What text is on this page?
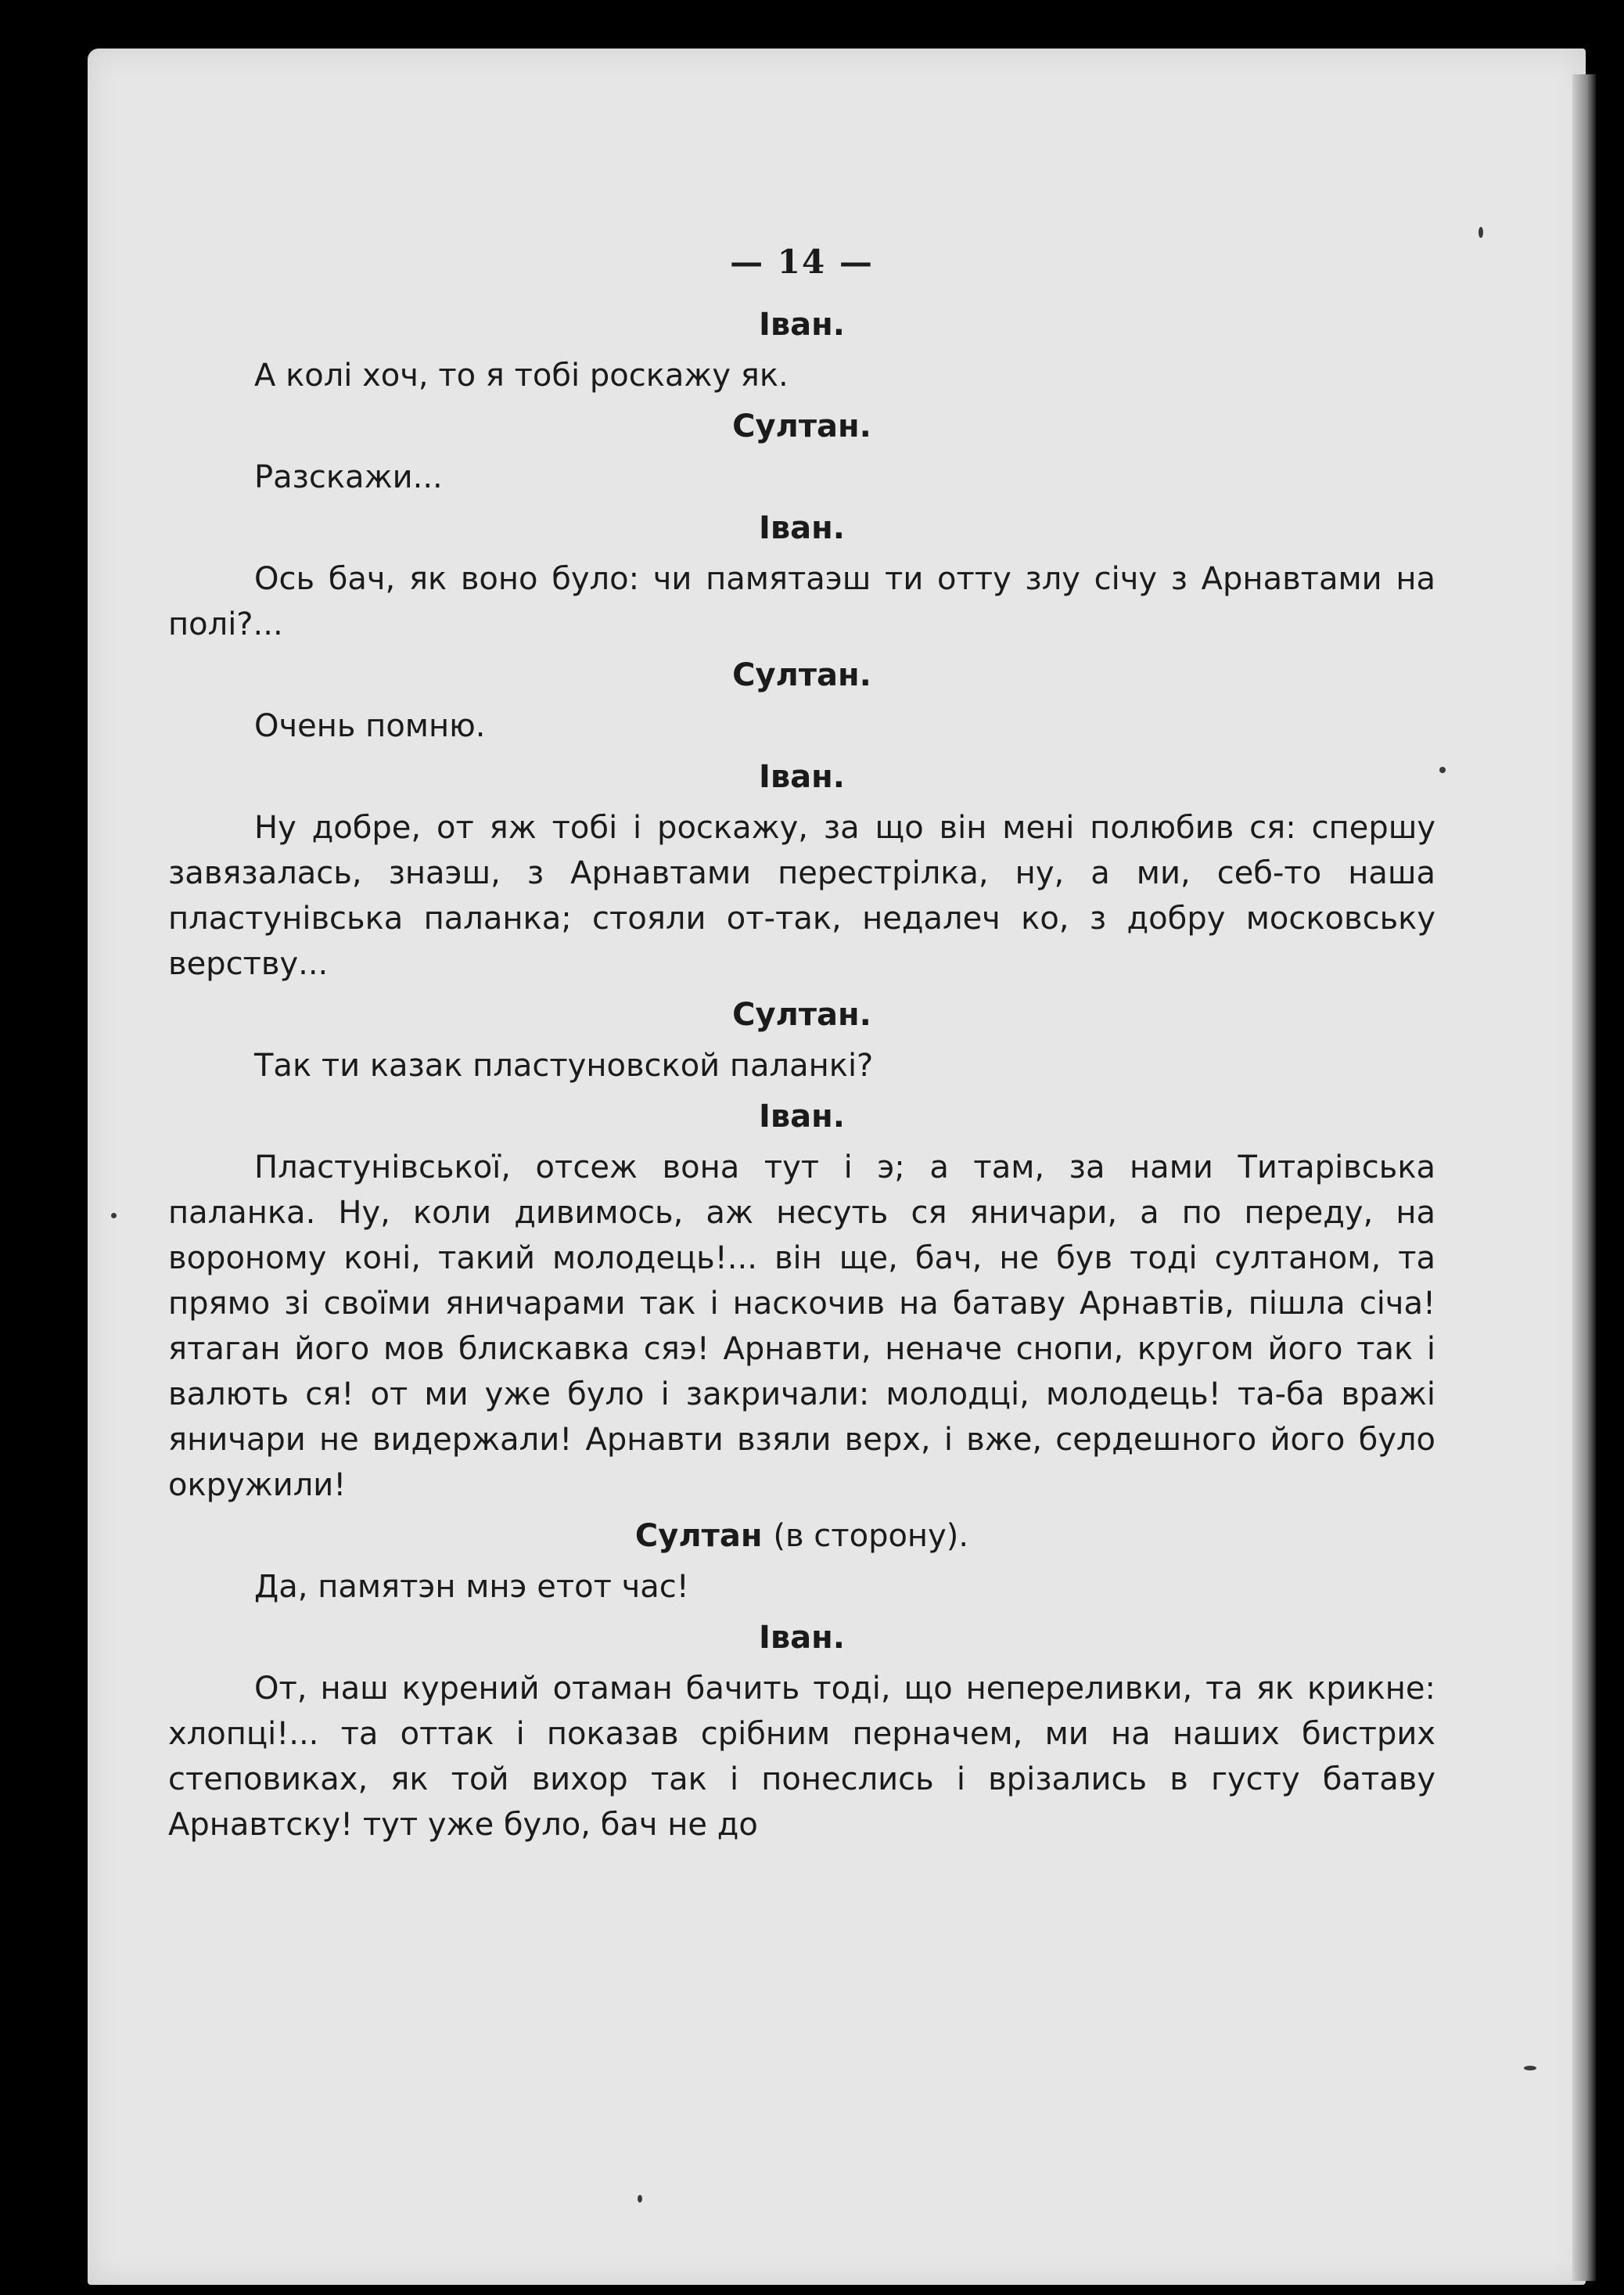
— 14 —

Іван.

А колі хоч, то я тобі роскажу як.

Султан.

Разскажи...

Іван.

Ось бач, як воно було: чи памятаэш ти отту злу січу з Арнавтами на полі?...

Султан.

Очень помню.

Іван.

Ну добре, от яж тобі і роскажу, за що він мені полюбив ся: спершу завязалась, знаэш, з Арнавтами перестрілка, ну, а ми, себ-то наша пластунівська паланка; стояли от-так, недалеч ко, з добру московську верству...

Султан.

Так ти казак пластуновской паланкі?

Іван.

Пластунівської, отсеж вона тут і э; а там, за нами Титарівська паланка. Ну, коли дивимось, аж несуть ся яничари, а по переду, на вороному коні, такий молодець!... він ще, бач, не був тоді султаном, та прямо зі своїми яничарами так і наскочив на батаву Арнавтів, пішла січа! ятаган його мов блискавка сяэ! Арнавти, неначе снопи, кругом його так і валють ся! от ми уже було і закричали: молодці, молодець! та-ба вражі яничари не видержали! Арнавти взяли верх, і вже, сердешного його було окружили!

Султан (в сторону).

Да, памятэн мнэ етот час!

Іван.

От, наш курений отаман бачить тоді, що непереливки, та як крикне: хлопці!... та оттак і показав срібним перначем, ми на наших бистрих степовиках, як той вихор так і понеслись і врізались в густу батаву Арнавтску! тут уже було, бач не до
